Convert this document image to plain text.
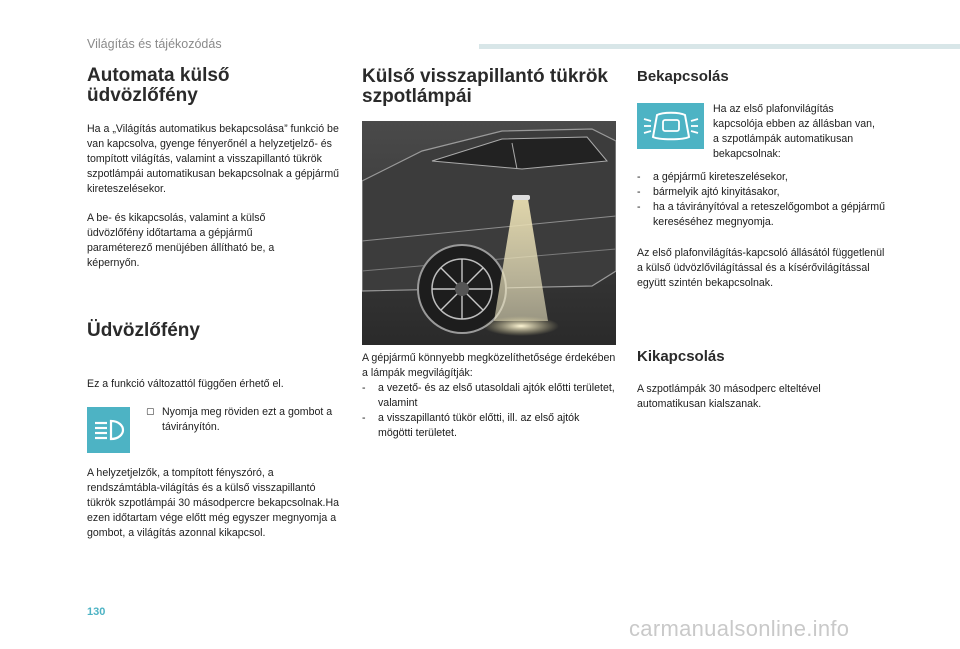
Világítás és tájékozódás
Automata külső üdvözlőfény

Ha a „Világítás automatikus bekapcsolása” funkció be van kapcsolva, gyenge fényerőnél a helyzetjelző- és tompított világítás, valamint a visszapillantó tükrök szpotlámpái automatikusan bekapcsolnak a gépjármű kireteszelésekor.

A be- és kikapcsolás, valamint a külső üdvözlőfény időtartama a gépjármű paraméterező menüjében állítható be, a képernyőn.

Üdvözlőfény

Ez a funkció változattól függően érhető el.

▢ Nyomja meg röviden ezt a gombot a távirányítón.

A helyzetjelzők, a tompított fényszóró, a rendszámtábla-világítás és a külső visszapillantó tükrök szpotlámpái 30 másodpercre bekapcsolnak.Ha ezen időtartam vége előtt még egyszer megnyomja a gombot, a világítás azonnal kikapcsol.

Külső visszapillantó tükrök szpotlámpái

A gépjármű könnyebb megközelíthetősége érdekében a lámpák megvilágítják:

- a vezető- és az első utasoldali ajtók előtti területet, valamint
- a visszapillantó tükör előtti, ill. az első ajtók mögötti területet.
Bekapcsolás

Ha az első plafonvilágítás kapcsolója ebben az állásban van, a szpotlámpák automatikusan bekapcsolnak:

- a gépjármű kireteszelésekor,
- bármelyik ajtó kinyitásakor,
- ha a távirányítóval a reteszelőgombot a gépjármű kereséséhez megnyomja.

Az első plafonvilágítás-kapcsoló állásától függetlenül a külső üdvözlővilágítással és a kísérővilágítással együtt szintén bekapcsolnak.

Kikapcsolás

A szpotlámpák 30 másodperc elteltével automatikusan kialszanak.

130
carmanualsonline.info
